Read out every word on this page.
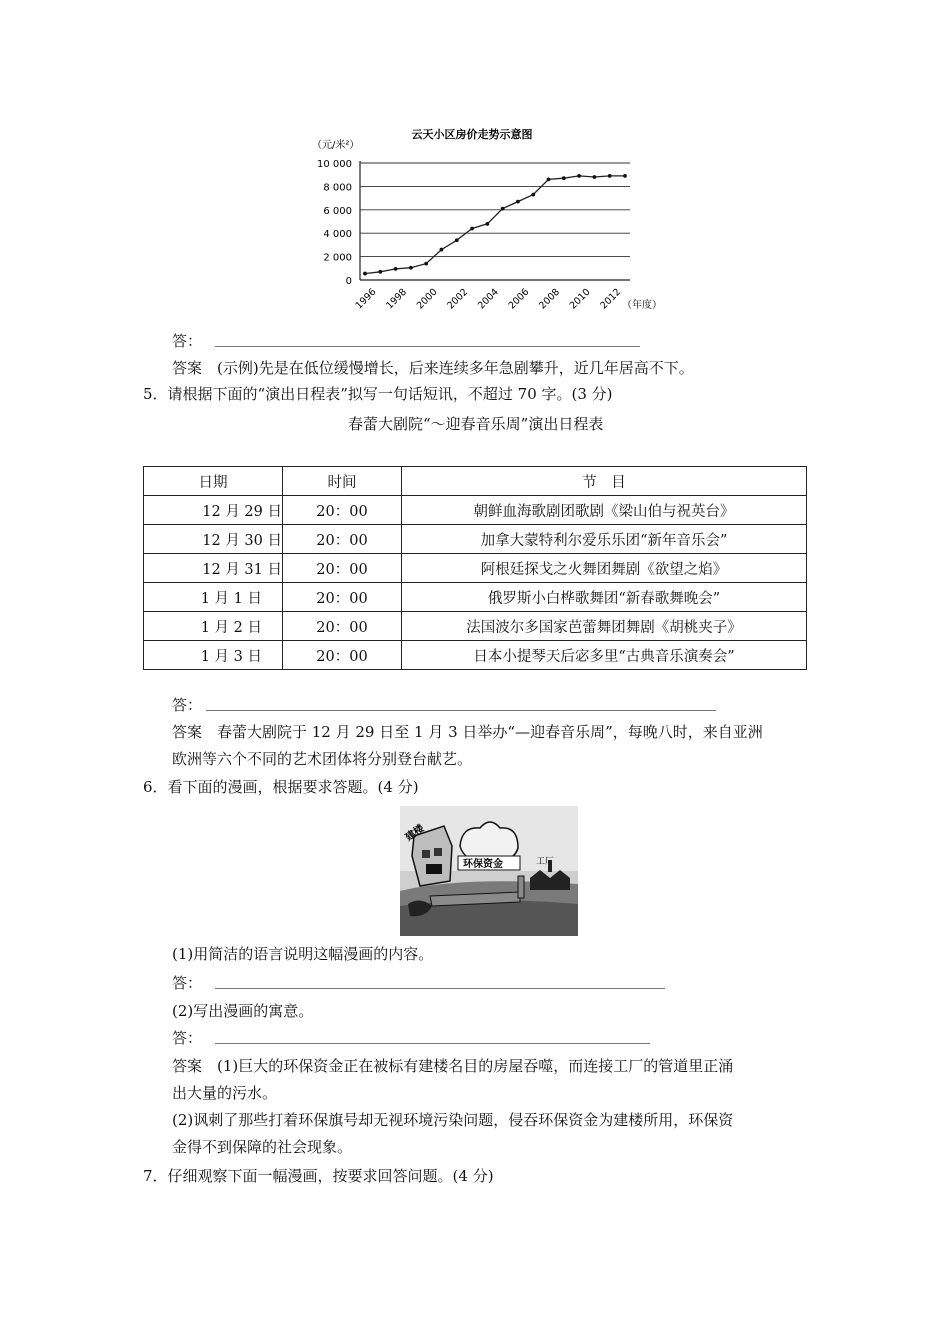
云天小区房价走势示意图
（元/米²）
10 000
8 000
6 000
4 000
2 000
0
1996 1998 2000 2002 2004 2006 2008 2010 2012
（年度）
答：
答案　(示例)先是在低位缓慢增长，后来连续多年急剧攀升，近几年居高不下。
5．请根据下面的“演出日程表”拟写一句话短讯，不超过 70 字。(3 分)
春蕾大剧院“～迎春音乐周”演出日程表
日期	时间	节　目
12 月 29 日	20：00	朝鲜血海歌剧团歌剧《梁山伯与祝英台》
12 月 30 日	20：00	加拿大蒙特利尔爱乐乐团“新年音乐会”
12 月 31 日	20：00	阿根廷探戈之火舞团舞剧《欲望之焰》
1 月 1 日	20：00	俄罗斯小白桦歌舞团“新春歌舞晚会”
1 月 2 日	20：00	法国波尔多国家芭蕾舞团舞剧《胡桃夹子》
1 月 3 日	20：00	日本小提琴天后宓多里“古典音乐演奏会”
答：
答案　春蕾大剧院于 12 月 29 日至 1 月 3 日举办“—迎春音乐周”，每晚八时，来自亚洲
欧洲等六个不同的艺术团体将分别登台献艺。
6．看下面的漫画，根据要求答题。(4 分)
建楼
环保资金	工厂
(1)用简洁的语言说明这幅漫画的内容。
答：
(2)写出漫画的寓意。
答：
答案　(1)巨大的环保资金正在被标有建楼名目的房屋吞噬，而连接工厂的管道里正涌
出大量的污水。
(2)讽刺了那些打着环保旗号却无视环境污染问题，侵吞环保资金为建楼所用，环保资
金得不到保障的社会现象。
7．仔细观察下面一幅漫画，按要求回答问题。(4 分)
